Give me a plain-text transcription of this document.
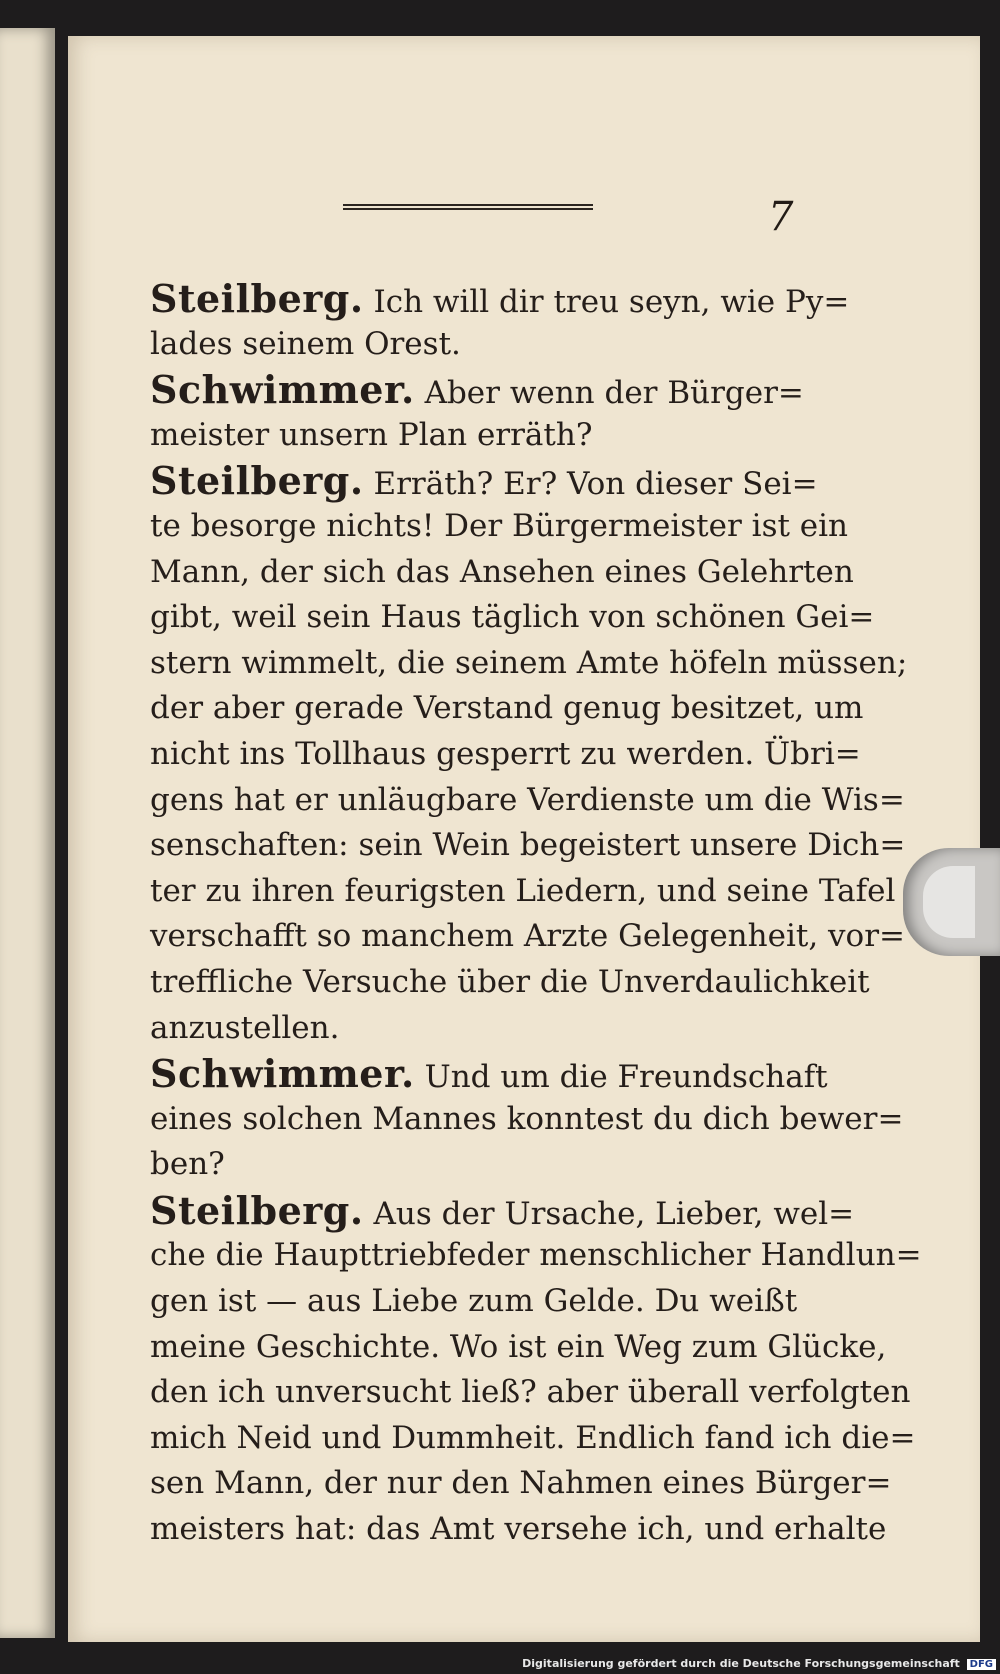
7
Steilberg. Ich will dir treu seyn, wie Py=
lades seinem Orest.
Schwimmer. Aber wenn der Bürger=
meister unsern Plan erräth?
Steilberg. Erräth? Er? Von dieser Sei=
te besorge nichts! Der Bürgermeister ist ein
Mann, der sich das Ansehen eines Gelehrten
gibt, weil sein Haus täglich von schönen Gei=
stern wimmelt, die seinem Amte höfeln müssen;
der aber gerade Verstand genug besitzet, um
nicht ins Tollhaus gesperrt zu werden. Übri=
gens hat er unläugbare Verdienste um die Wis=
senschaften: sein Wein begeistert unsere Dich=
ter zu ihren feurigsten Liedern, und seine Tafel
verschafft so manchem Arzte Gelegenheit, vor=
treffliche Versuche über die Unverdaulichkeit
anzustellen.
Schwimmer. Und um die Freundschaft
eines solchen Mannes konntest du dich bewer=
ben?
Steilberg. Aus der Ursache, Lieber, wel=
che die Haupttriebfeder menschlicher Handlun=
gen ist — aus Liebe zum Gelde. Du weißt
meine Geschichte. Wo ist ein Weg zum Glücke,
den ich unversucht ließ? aber überall verfolgten
mich Neid und Dummheit. Endlich fand ich die=
sen Mann, der nur den Nahmen eines Bürger=
meisters hat: das Amt versehe ich, und erhalte
Digitalisierung gefördert durch die Deutsche Forschungsgemeinschaft DFG
